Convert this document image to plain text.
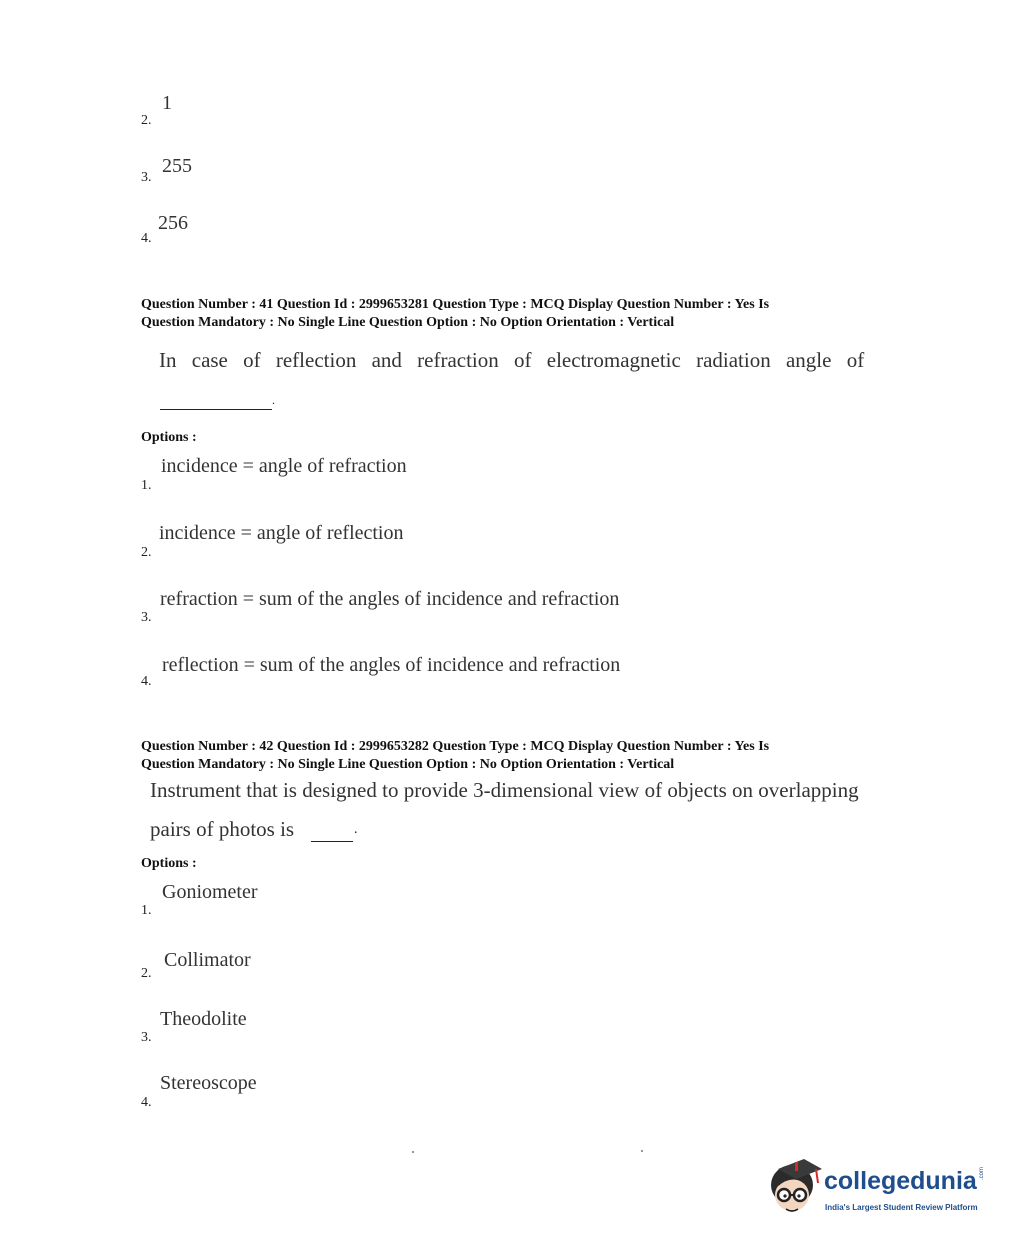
2.
1
3.
255
4.
256
Question Number : 41 Question Id : 2999653281 Question Type : MCQ Display Question Number : Yes Is
Question Mandatory : No Single Line Question Option : No Option Orientation : Vertical
In case of reflection and refraction of electromagnetic radiation angle of
.
Options :
incidence = angle of refraction
1.
incidence = angle of reflection
2.
refraction = sum of the angles of incidence and refraction
3.
reflection = sum of the angles of incidence and refraction
4.
Question Number : 42 Question Id : 2999653282 Question Type : MCQ Display Question Number : Yes Is
Question Mandatory : No Single Line Question Option : No Option Orientation : Vertical
Instrument that is designed to provide 3-dimensional view of objects on overlapping
pairs of photos is	.
Options :
Goniometer
1.
Collimator
2.
Theodolite
3.
Stereoscope
4.
collegedunia .com
India's Largest Student Review Platform
